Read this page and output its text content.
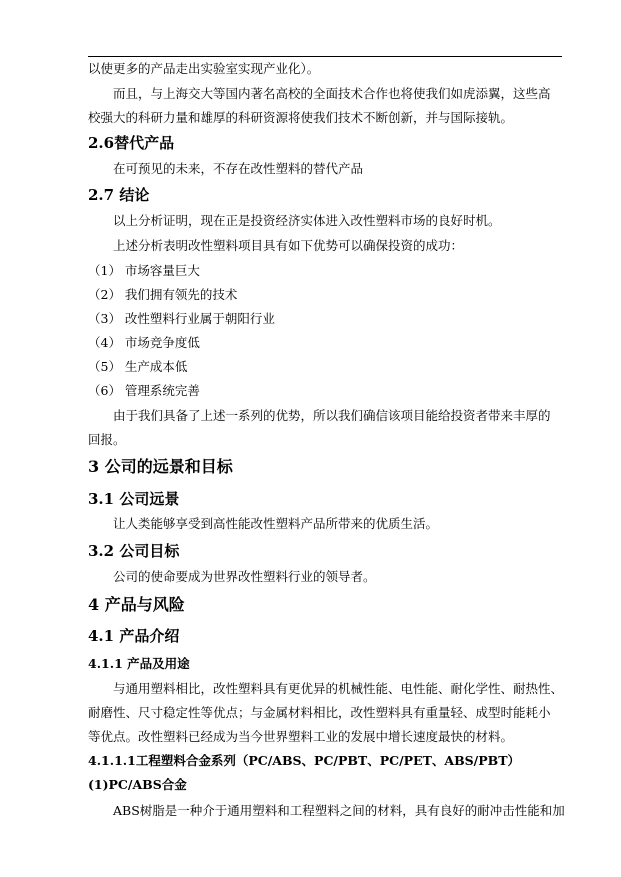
以使更多的产品走出实验室实现产业化）。
而且，与上海交大等国内著名高校的全面技术合作也将使我们如虎添翼，这些高
校强大的科研力量和雄厚的科研资源将使我们技术不断创新，并与国际接轨。
2.6替代产品
在可预见的未来，不存在改性塑料的替代产品
2.7 结论
以上分析证明，现在正是投资经济实体进入改性塑料市场的良好时机。
上述分析表明改性塑料项目具有如下优势可以确保投资的成功：
（1） 市场容量巨大
（2） 我们拥有领先的技术
（3） 改性塑料行业属于朝阳行业
（4） 市场竞争度低
（5） 生产成本低
（6） 管理系统完善
由于我们具备了上述一系列的优势，所以我们确信该项目能给投资者带来丰厚的
回报。
3 公司的远景和目标
3.1 公司远景
让人类能够享受到高性能改性塑料产品所带来的优质生活。
3.2 公司目标
公司的使命要成为世界改性塑料行业的领导者。
4 产品与风险
4.1 产品介绍
4.1.1 产品及用途
与通用塑料相比，改性塑料具有更优异的机械性能、电性能、耐化学性、耐热性、
耐磨性、尺寸稳定性等优点；与金属材料相比，改性塑料具有重量轻、成型时能耗小
等优点。改性塑料已经成为当今世界塑料工业的发展中增长速度最快的材料。
4.1.1.1工程塑料合金系列（PC/ABS、PC/PBT、PC/PET、ABS/PBT）
(1)PC/ABS合金
ABS树脂是一种介于通用塑料和工程塑料之间的材料，具有良好的耐冲击性能和加
